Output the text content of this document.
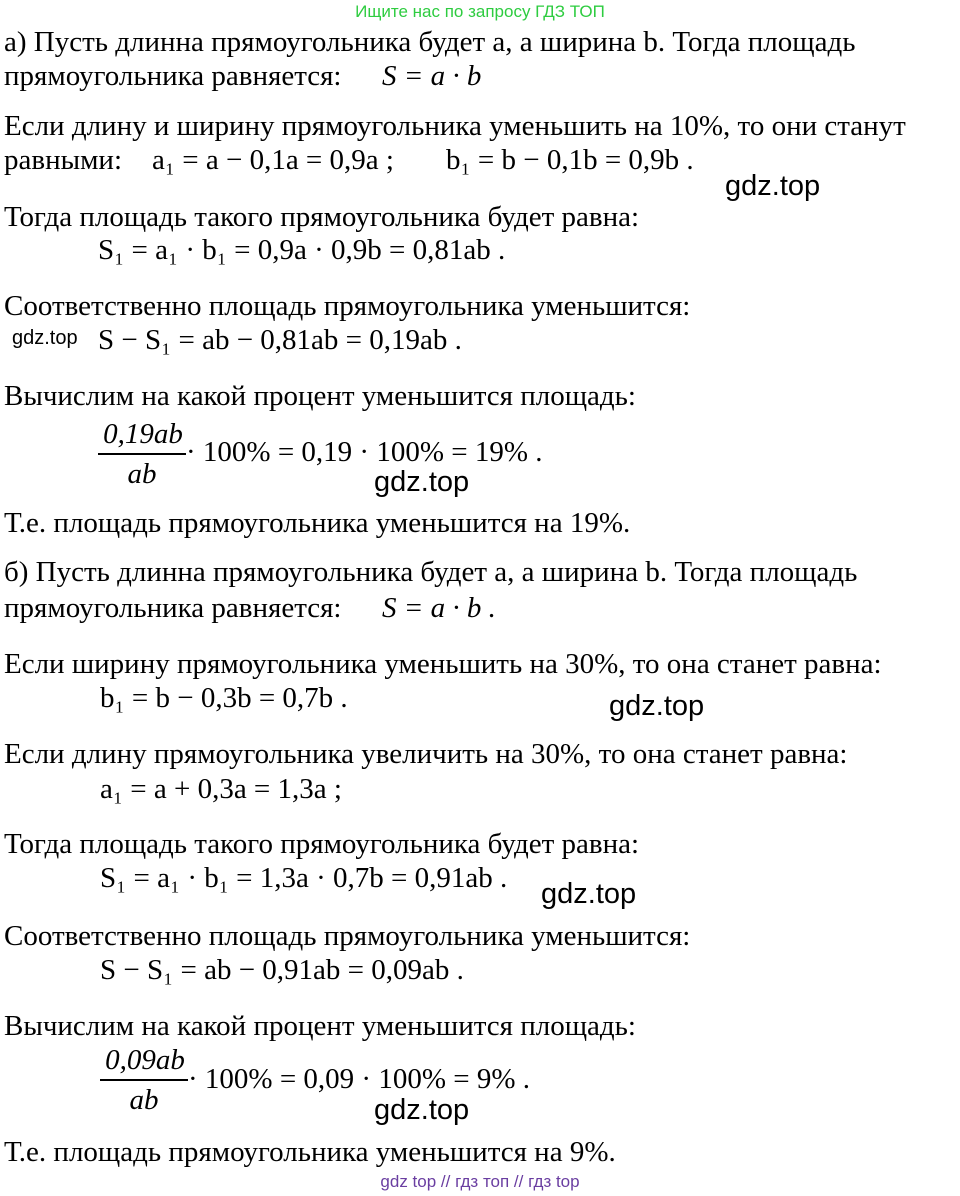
Ищите нас по запросу ГДЗ ТОП
а) Пусть длинна прямоугольника будет a, а ширина b. Тогда площадь
прямоугольника равняется: S = a · b
Если длину и ширину прямоугольника уменьшить на 10%, то они станут
равными: a₁ = a − 0,1a = 0,9a ; b₁ = b − 0,1b = 0,9b .
gdz.top
Тогда площадь такого прямоугольника будет равна:
S₁ = a₁ · b₁ = 0,9a · 0,9b = 0,81ab .
Соответственно площадь прямоугольника уменьшится:
gdz.top S − S₁ = ab − 0,81ab = 0,19ab .
Вычислим на какой процент уменьшится площадь:
0,19ab
ab
· 100% = 0,19 · 100% = 19% .
gdz.top
Т.е. площадь прямоугольника уменьшится на 19%.
б) Пусть длинна прямоугольника будет a, а ширина b. Тогда площадь
прямоугольника равняется: S = a · b .
Если ширину прямоугольника уменьшить на 30%, то она станет равна:
b₁ = b − 0,3b = 0,7b .	gdz.top
Если длину прямоугольника увеличить на 30%, то она станет равна:
a₁ = a + 0,3a = 1,3a ;
Тогда площадь такого прямоугольника будет равна:
S₁ = a₁ · b₁ = 1,3a · 0,7b = 0,91ab . gdz.top
Соответственно площадь прямоугольника уменьшится:
S − S₁ = ab − 0,91ab = 0,09ab .
Вычислим на какой процент уменьшится площадь:
0,09ab
ab
· 100% = 0,09 · 100% = 9% .
gdz.top
Т.е. площадь прямоугольника уменьшится на 9%.
gdz top // гдз топ // гдз top
